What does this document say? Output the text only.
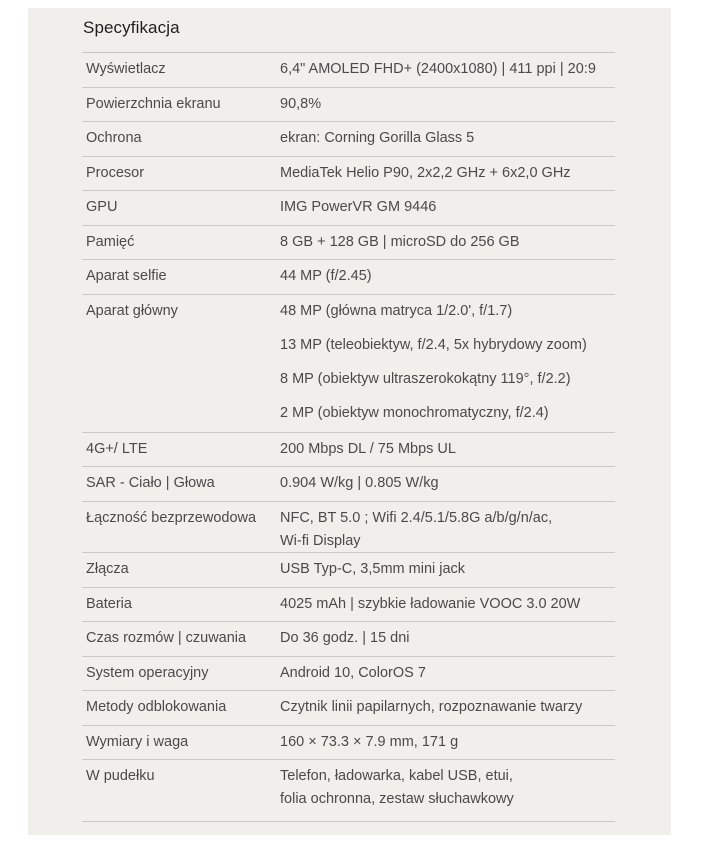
Specyfikacja
Wyświetlacz	6,4" AMOLED FHD+ (2400x1080) | 411 ppi | 20:9
Powierzchnia ekranu	90,8%
Ochrona	ekran: Corning Gorilla Glass 5
Procesor	MediaTek Helio P90, 2x2,2 GHz + 6x2,0 GHz
GPU	IMG PowerVR GM 9446
Pamięć	8 GB + 128 GB | microSD do 256 GB
Aparat selfie	44 MP (f/2.45)
Aparat główny	48 MP (główna matryca 1/2.0', f/1.7)
13 MP (teleobiektyw, f/2.4, 5x hybrydowy zoom)
8 MP (obiektyw ultraszerokokątny 119°, f/2.2)
2 MP (obiektyw monochromatyczny, f/2.4)
4G+/ LTE	200 Mbps DL / 75 Mbps UL
SAR - Ciało | Głowa	0.904 W/kg | 0.805 W/kg
Łączność bezprzewodowa	NFC, BT 5.0 ; Wifi 2.4/5.1/5.8G a/b/g/n/ac,
Wi-fi Display
Złącza	USB Typ-C, 3,5mm mini jack
Bateria	4025 mAh | szybkie ładowanie VOOC 3.0 20W
Czas rozmów | czuwania	Do 36 godz. | 15 dni
System operacyjny	Android 10, ColorOS 7
Metody odblokowania	Czytnik linii papilarnych, rozpoznawanie twarzy
Wymiary i waga	160 × 73.3 × 7.9 mm, 171 g
W pudełku	Telefon, ładowarka, kabel USB, etui,
folia ochronna, zestaw słuchawkowy
